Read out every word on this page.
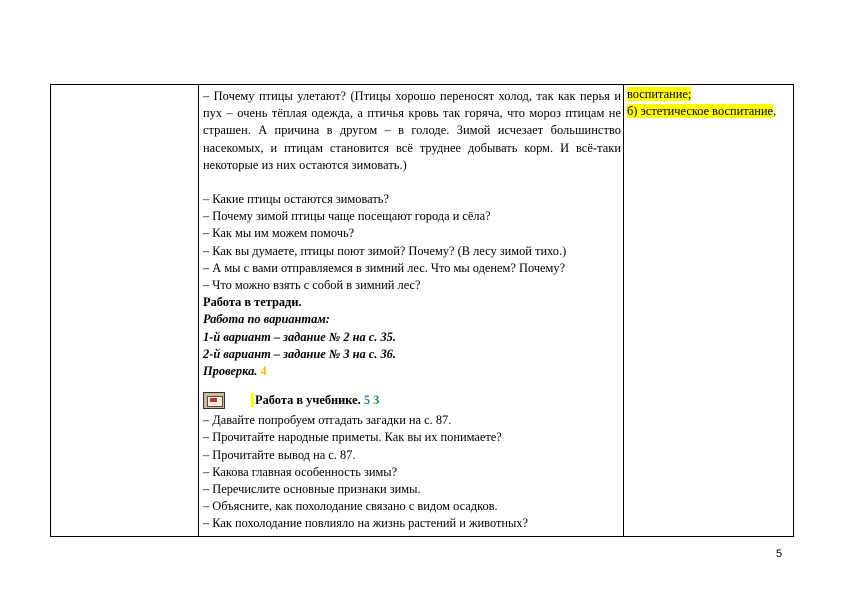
– Почему птицы улетают? (Птицы хорошо переносят холод, так как перья и пух – очень тёплая одежда, а птичья кровь так горяча, что мороз птицам не страшен. А причина в другом – в голоде. Зимой исчезает большинство насекомых, и птицам становится всё труднее добывать корм. И всё-таки некоторые из них остаются зимовать.)

– Какие птицы остаются зимовать?

– Почему зимой птицы чаще посещают города и сёла?

– Как мы им можем помочь?

– Как вы думаете, птицы поют зимой? Почему? (В лесу зимой тихо.)

– А мы с вами отправляемся в зимний лес. Что мы оденем? Почему?

– Что можно взять с собой в зимний лес?

Работа в тетради.

Работа по вариантам:

1-й вариант – задание № 2 на с. 35.

2-й вариант – задание № 3 на с. 36.

Проверка. 4

Работа в учебнике.
5
3

– Давайте попробуем отгадать загадки на с. 87.

– Прочитайте народные приметы. Как вы их понимаете?

– Прочитайте вывод на с. 87.

– Какова главная особенность зимы?

– Перечислите основные признаки зимы.

– Объясните, как похолодание связано с видом осадков.

– Как похолодание повлияло на жизнь растений и животных?

воспитание;

б) эстетическое воспитание,

5
